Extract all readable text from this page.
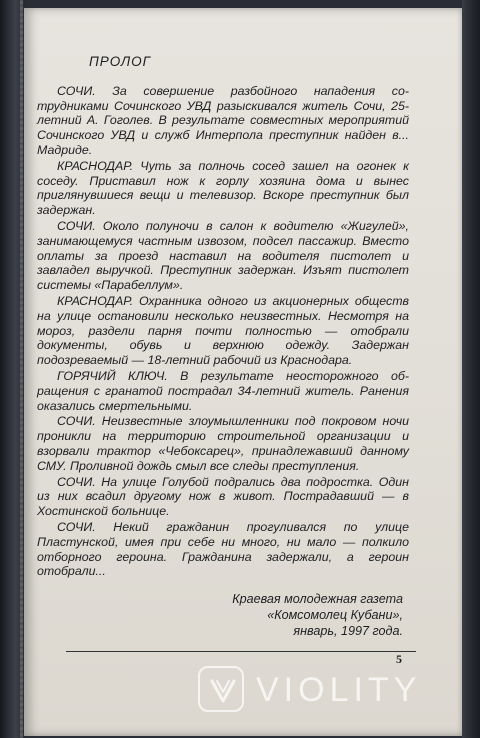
ПРОЛОГ

СОЧИ. За совершение разбойного нападения сотрудниками Сочинского УВД разыскивался житель Сочи, 25-летний А. Гоголев. В результате совместных мероприятий Сочинского УВД и служб Интерпола преступник найден в... Мадриде.

КРАСНОДАР. Чуть за полночь сосед зашел на огонек к соседу. Приставил нож к горлу хозяина дома и вынес приглянувшиеся вещи и телевизор. Вскоре преступник был задержан.

СОЧИ. Около полуночи в салон к водителю «Жигулей», занимающемуся частным извозом, подсел пассажир. Вместо оплаты за проезд наставил на водителя пистолет и завладел выручкой. Преступник задержан. Изъят пистолет системы «Парабеллум».

КРАСНОДАР. Охранника одного из акционерных обществ на улице остановили несколько неизвестных. Несмотря на мороз, раздели парня почти полностью — отобрали документы, обувь и верхнюю одежду. Задержан подозреваемый — 18-летний рабочий из Краснодара.

ГОРЯЧИЙ КЛЮЧ. В результате неосторожного обращения с гранатой пострадал 34-летний житель. Ранения оказались смертельными.

СОЧИ. Неизвестные злоумышленники под покровом ночи проникли на территорию строительной организации и взорвали трактор «Чебоксарец», принадлежавший данному СМУ. Проливной дождь смыл все следы преступления.

СОЧИ. На улице Голубой подрались два подростка. Один из них всадил другому нож в живот. Пострадавший — в Хостинской больнице.

СОЧИ. Некий гражданин прогуливался по улице Пластунской, имея при себе ни много, ни мало — полкило отборного героина. Гражданина задержали, а героин отобрали...

Краевая молодежная газета
«Комсомолец Кубани»,
январь, 1997 года.
5
VIOLITY
